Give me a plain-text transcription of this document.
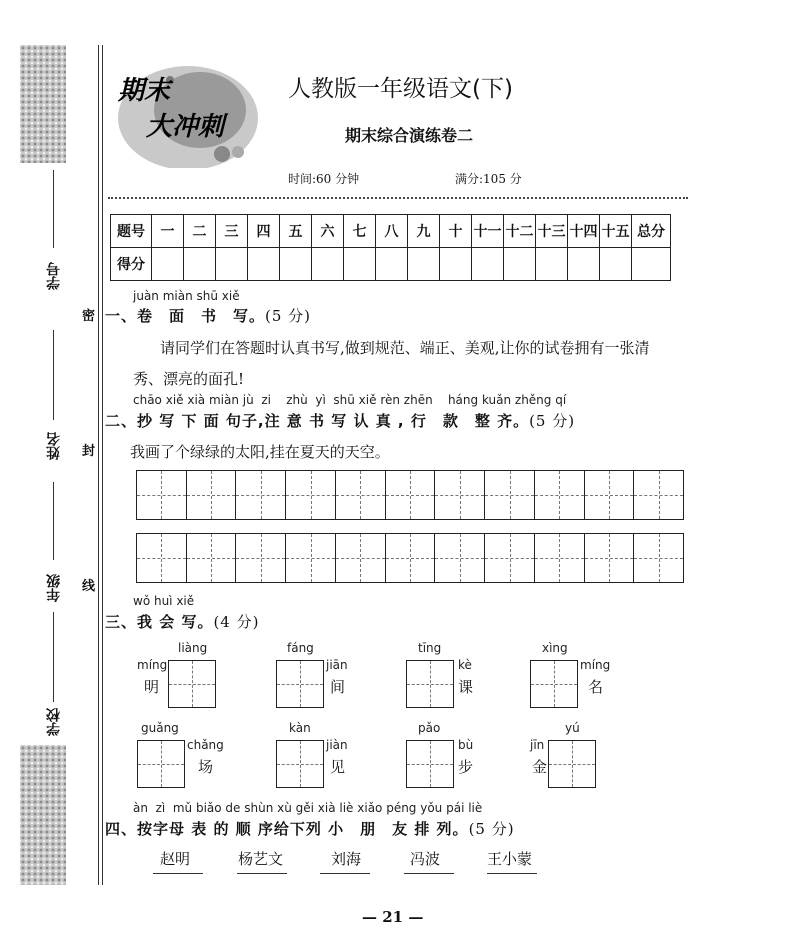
学号
姓名
年级
学校
密
封
线
期末
大冲刺
人教版一年级语文(下)
期末综合演练卷二
时间:60 分钟	满分:105 分
题号	一	二	三	四	五	六	七	八	九	十	十一	十二	十三	十四	十五	总分
得分																
juàn miàn shū xiě
一、卷　面　书　写。(5 分)
请同学们在答题时认真书写,做到规范、端正、美观,让你的试卷拥有一张清
秀、漂亮的面孔!
chāo xiě xià miàn jù  zi    zhù  yì  shū xiě rèn zhēn    háng kuǎn zhěng qí
二、抄 写 下 面 句子,注 意 书 写 认 真 , 行　款　整 齐。(5 分)
我画了个绿绿的太阳,挂在夏天的天空。
wǒ huì xiě
三、我 会 写。(4 分)
liàng
míng
明
fáng
jiān
间
tīng
kè
课
xìng
míng
名
guǎng
chǎng
场
kàn
jiàn
见
pǎo
bù
步
yú
jīn
金
àn  zì  mǔ biǎo de shùn xù gěi xià liè xiǎo péng yǒu pái liè
四、按字母 表 的 顺 序给下列 小　朋　友 排 列。(5 分)
赵明	杨艺文	刘海	冯波	王小蒙
— 21 —
